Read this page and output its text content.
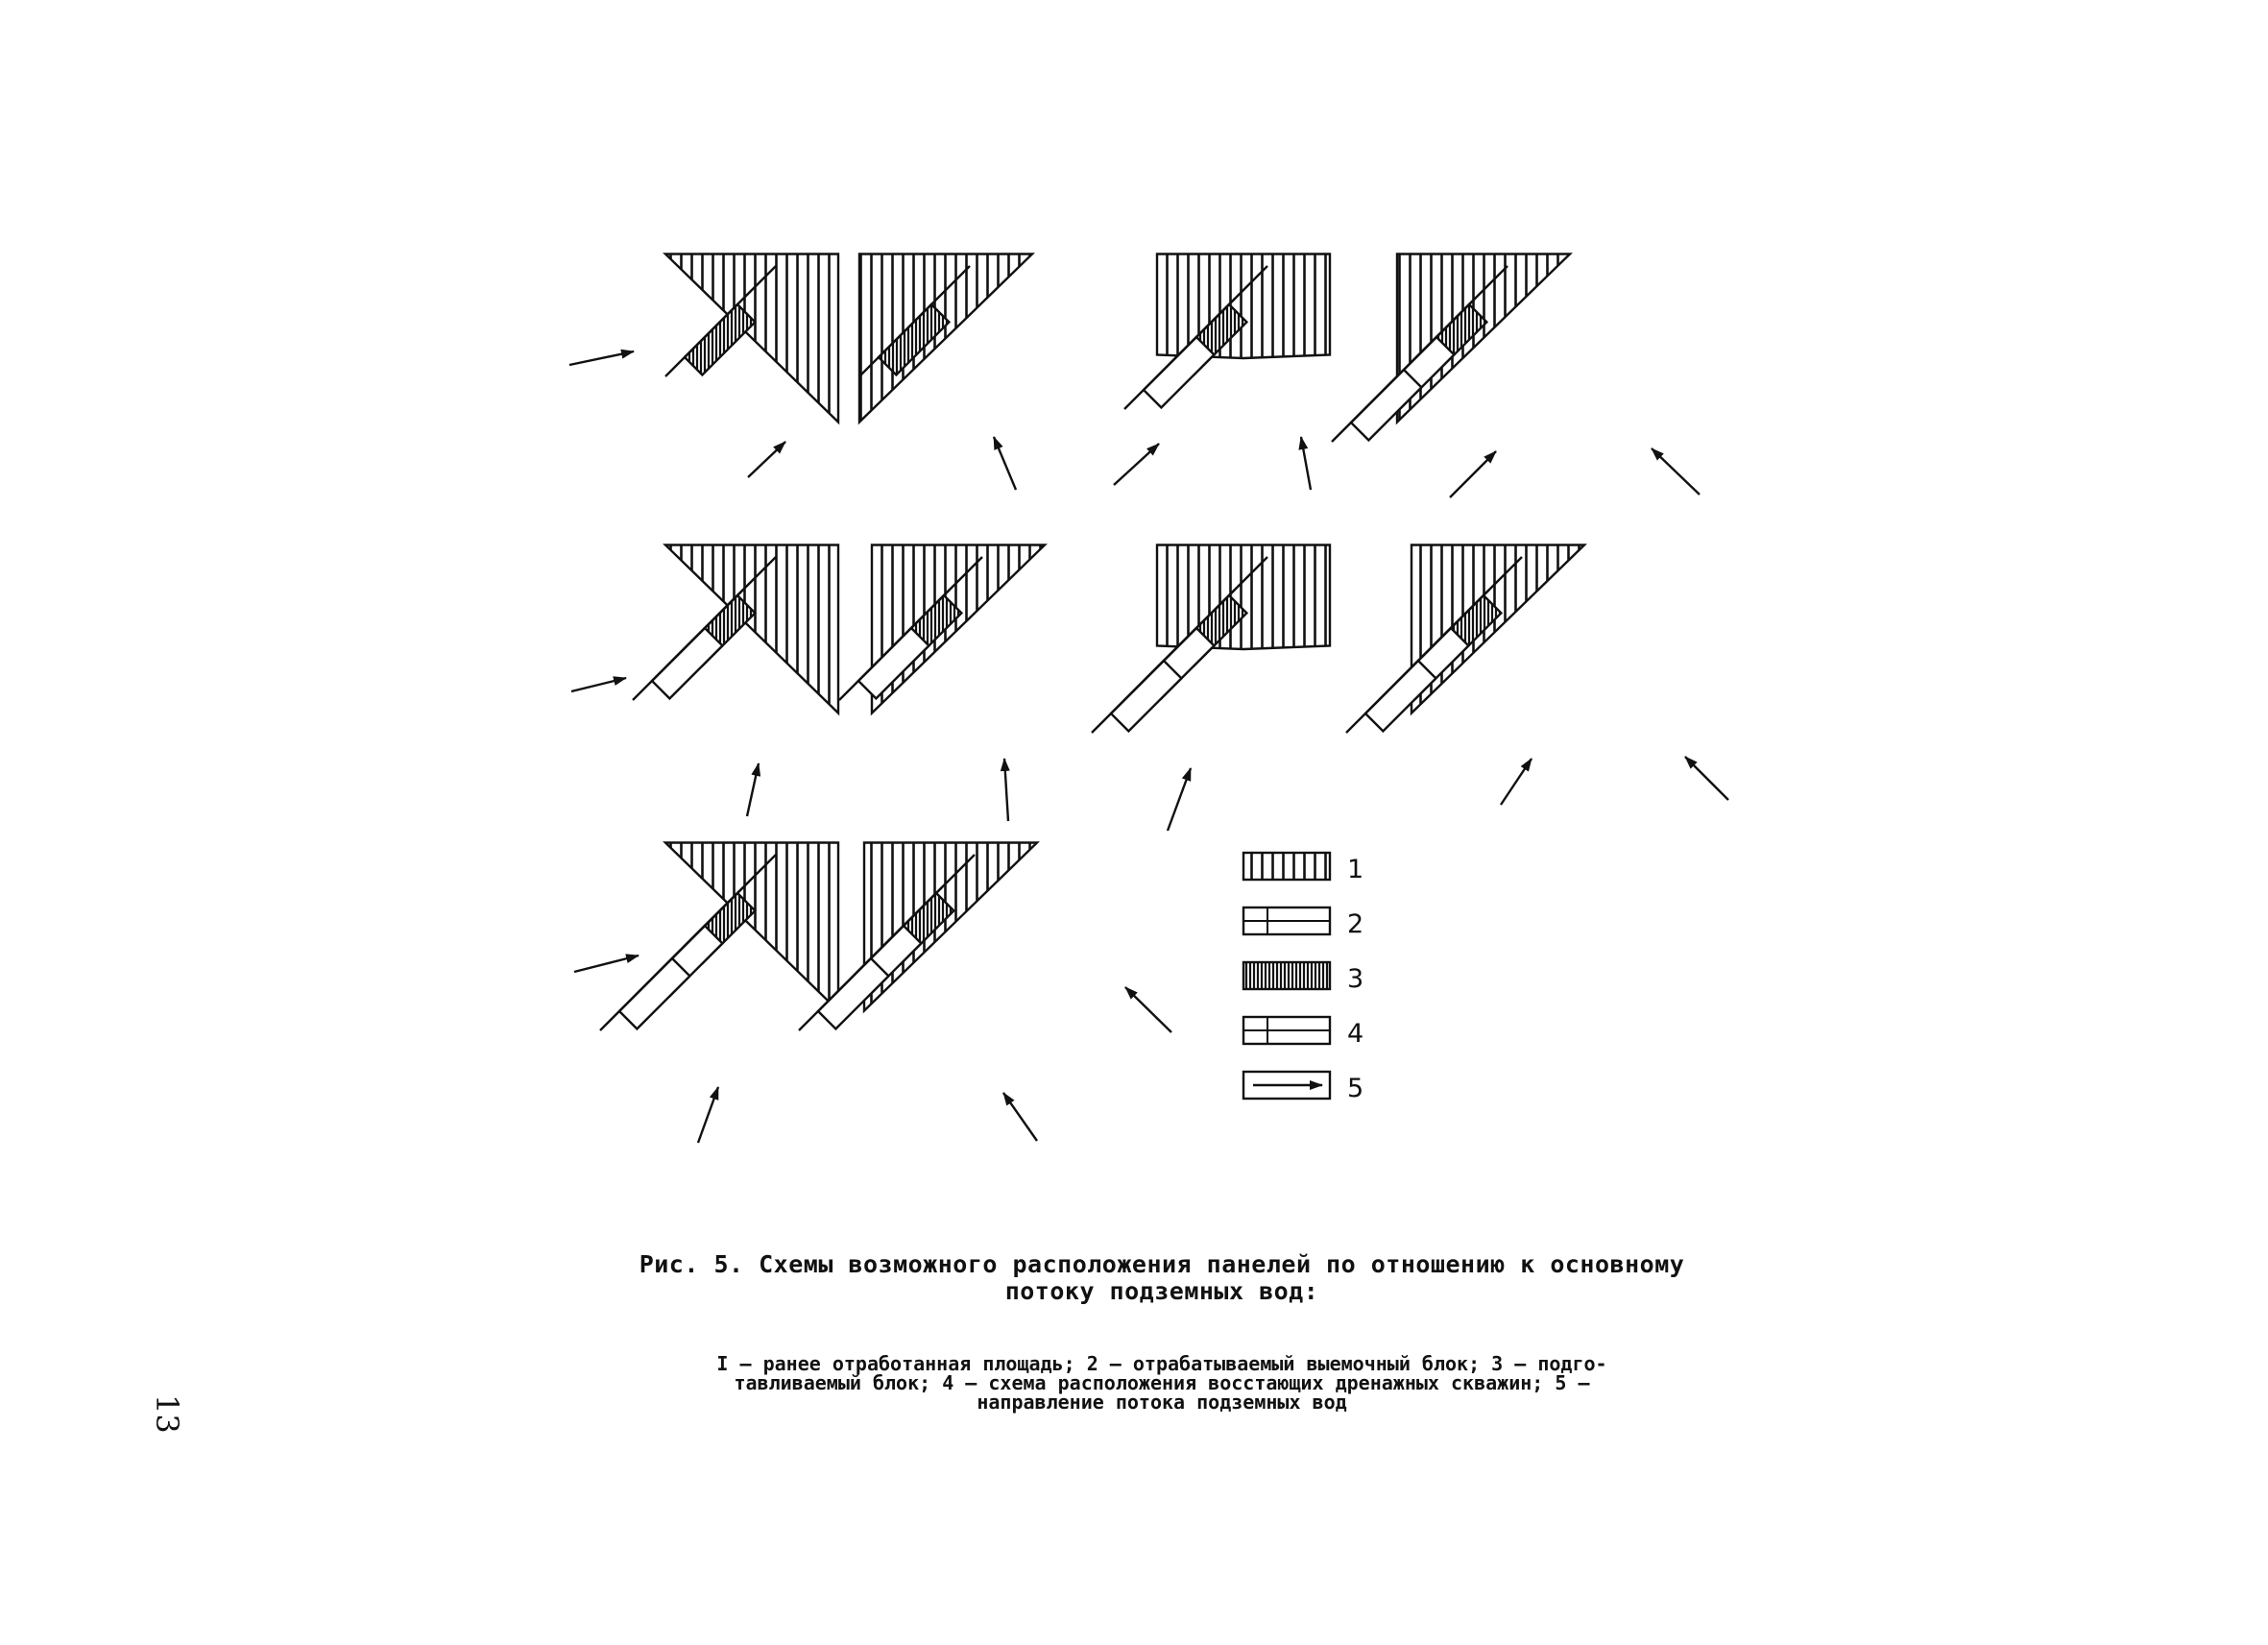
1
2
3
4
5
Рис. 5. Схемы возможного расположения панелей по отношению к основному
потоку подземных вод:
I – ранее отработанная площадь; 2 – отрабатываемый выемочный блок; 3 – подго-
тавливаемый блок; 4 – схема расположения восстающих дренажных скважин; 5 –
направление потока подземных вод
13
